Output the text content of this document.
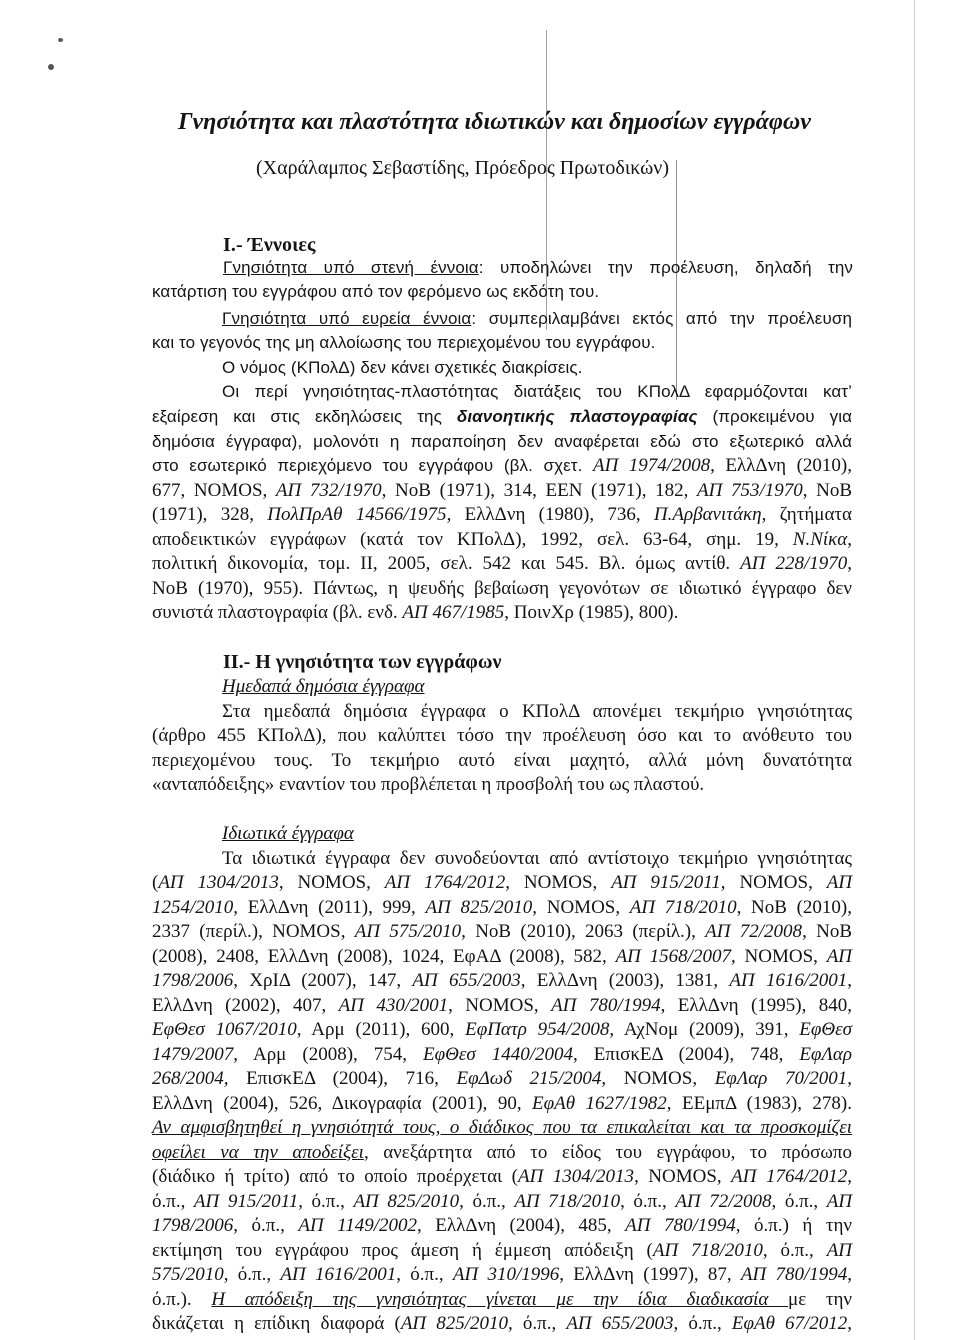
Γνησιότητα και πλαστότητα ιδιωτικών και δημοσίων εγγράφων
(Χαράλαμπος Σεβαστίδης, Πρόεδρος Πρωτοδικών)
Ι.- Έννοιες
Γνησιότητα υπό στενή έννοια: υποδηλώνει την προέλευση, δηλαδή την
κατάρτιση του εγγράφου από τον φερόμενο ως εκδότη του.
Γνησιότητα υπό ευρεία έννοια: συμπεριλαμβάνει εκτός από την προέλευση
και το γεγονός της μη αλλοίωσης του περιεχομένου του εγγράφου.
Ο νόμος (ΚΠολΔ) δεν κάνει σχετικές διακρίσεις.
Οι περί γνησιότητας-πλαστότητας διατάξεις του ΚΠολΔ εφαρμόζονται κατ’
εξαίρεση και στις εκδηλώσεις της διανοητικής πλαστογραφίας (προκειμένου για
δημόσια έγγραφα), μολονότι η παραποίηση δεν αναφέρεται εδώ στο εξωτερικό αλλά
στο εσωτερικό περιεχόμενο του εγγράφου (βλ. σχετ. ΑΠ 1974/2008, ΕλλΔνη (2010),
677, NOMOS, ΑΠ 732/1970, ΝοΒ (1971), 314, ΕΕΝ (1971), 182, ΑΠ 753/1970, ΝοΒ
(1971), 328, ΠολΠρΑθ 14566/1975, ΕλλΔνη (1980), 736, Π.Αρβανιτάκη, ζητήματα
αποδεικτικών εγγράφων (κατά τον ΚΠολΔ), 1992, σελ. 63-64, σημ. 19, Ν.Νίκα,
πολιτική δικονομία, τομ. ΙΙ, 2005, σελ. 542 και 545. Βλ. όμως αντίθ. ΑΠ 228/1970,
ΝοΒ (1970), 955). Πάντως, η ψευδής βεβαίωση γεγονότων σε ιδιωτικό έγγραφο δεν
συνιστά πλαστογραφία (βλ. ενδ. ΑΠ 467/1985, ΠοινΧρ (1985), 800).
ΙΙ.- Η γνησιότητα των εγγράφων
Ημεδαπά δημόσια έγγραφα
Στα ημεδαπά δημόσια έγγραφα ο ΚΠολΔ απονέμει τεκμήριο γνησιότητας
(άρθρο 455 ΚΠολΔ), που καλύπτει τόσο την προέλευση όσο και το ανόθευτο του
περιεχομένου τους. Το τεκμήριο αυτό είναι μαχητό, αλλά μόνη δυνατότητα
«ανταπόδειξης» εναντίον του προβλέπεται η προσβολή του ως πλαστού.
Ιδιωτικά έγγραφα
Τα ιδιωτικά έγγραφα δεν συνοδεύονται από αντίστοιχο τεκμήριο γνησιότητας
(ΑΠ 1304/2013, NOMOS, ΑΠ 1764/2012, NOMOS, ΑΠ 915/2011, NOMOS, ΑΠ
1254/2010, ΕλλΔνη (2011), 999, ΑΠ 825/2010, NOMOS, ΑΠ 718/2010, ΝοΒ (2010),
2337 (περίλ.), NOMOS, ΑΠ 575/2010, ΝοΒ (2010), 2063 (περίλ.), ΑΠ 72/2008, ΝοΒ
(2008), 2408, ΕλλΔνη (2008), 1024, ΕφΑΔ (2008), 582, ΑΠ 1568/2007, NOMOS, ΑΠ
1798/2006, ΧρΙΔ (2007), 147, ΑΠ 655/2003, ΕλλΔνη (2003), 1381, ΑΠ 1616/2001,
ΕλλΔνη (2002), 407, ΑΠ 430/2001, NOMOS, ΑΠ 780/1994, ΕλλΔνη (1995), 840,
ΕφΘεσ 1067/2010, Αρμ (2011), 600, ΕφΠατρ 954/2008, ΑχΝομ (2009), 391, ΕφΘεσ
1479/2007, Αρμ (2008), 754, ΕφΘεσ 1440/2004, ΕπισκΕΔ (2004), 748, ΕφΛαρ
268/2004, ΕπισκΕΔ (2004), 716, ΕφΔωδ 215/2004, NOMOS, ΕφΛαρ 70/2001,
ΕλλΔνη (2004), 526, Δικογραφία (2001), 90, ΕφΑθ 1627/1982, ΕΕμπΔ (1983), 278).
Αν αμφισβητηθεί η γνησιότητά τους, ο διάδικος που τα επικαλείται και τα προσκομίζει
οφείλει να την αποδείξει, ανεξάρτητα από το είδος του εγγράφου, το πρόσωπο
(διάδικο ή τρίτο) από το οποίο προέρχεται (ΑΠ 1304/2013, NOMOS, ΑΠ 1764/2012,
ό.π., ΑΠ 915/2011, ό.π., ΑΠ 825/2010, ό.π., ΑΠ 718/2010, ό.π., ΑΠ 72/2008, ό.π., ΑΠ
1798/2006, ό.π., ΑΠ 1149/2002, ΕλλΔνη (2004), 485, ΑΠ 780/1994, ό.π.) ή την
εκτίμηση του εγγράφου προς άμεση ή έμμεση απόδειξη (ΑΠ 718/2010, ό.π., ΑΠ
575/2010, ό.π., ΑΠ 1616/2001, ό.π., ΑΠ 310/1996, ΕλλΔνη (1997), 87, ΑΠ 780/1994,
ό.π.). Η απόδειξη της γνησιότητας γίνεται με την ίδια διαδικασία με την
δικάζεται η επίδικη διαφορά (ΑΠ 825/2010, ό.π., ΑΠ 655/2003, ό.π., ΕφΑθ 67/2012,
